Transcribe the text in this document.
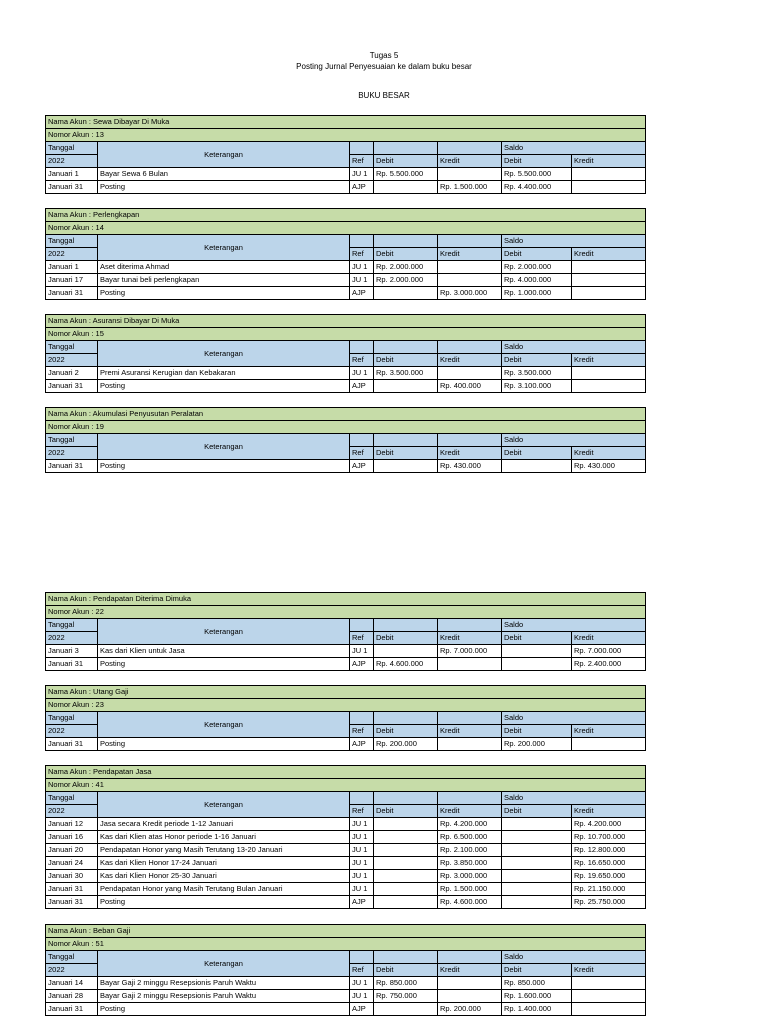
Tugas 5
Posting Jurnal Penyesuaian ke dalam buku besar
BUKU BESAR
Nama Akun : Sewa Dibayar Di Muka						
Nomor Akun : 13						
Tanggal	Keterangan				Saldo	
2022		Ref	Debit	Kredit	Debit	Kredit
Januari 1	Bayar Sewa 6 Bulan	JU 1	Rp. 5.500.000		Rp. 5.500.000	
Januari 31	Posting	AJP		Rp. 1.500.000	Rp. 4.400.000	
Nama Akun : Perlengkapan						
Nomor Akun : 14						
Tanggal	Keterangan				Saldo	
2022		Ref	Debit	Kredit	Debit	Kredit
Januari 1	Aset diterima Ahmad	JU 1	Rp. 2.000.000		Rp. 2.000.000	
Januari 17	Bayar tunai beli perlengkapan	JU 1	Rp. 2.000.000		Rp. 4.000.000	
Januari 31	Posting	AJP		Rp. 3.000.000	Rp. 1.000.000	
Nama Akun : Asuransi Dibayar Di Muka						
Nomor Akun : 15						
Tanggal	Keterangan				Saldo	
2022		Ref	Debit	Kredit	Debit	Kredit
Januari 2	Premi Asuransi Kerugian dan Kebakaran	JU 1	Rp. 3.500.000		Rp. 3.500.000	
Januari 31	Posting	AJP		Rp. 400.000	Rp. 3.100.000	
Nama Akun : Akumulasi Penyusutan Peralatan						
Nomor Akun : 19						
Tanggal	Keterangan				Saldo	
2022		Ref	Debit	Kredit	Debit	Kredit
Januari 31	Posting	AJP		Rp. 430.000		Rp. 430.000
Nama Akun : Pendapatan Diterima Dimuka						
Nomor Akun : 22						
Tanggal	Keterangan				Saldo	
2022		Ref	Debit	Kredit	Debit	Kredit
Januari 3	Kas dari Klien untuk Jasa	JU 1		Rp. 7.000.000		Rp. 7.000.000
Januari 31	Posting	AJP	Rp. 4.600.000			Rp. 2.400.000
Nama Akun : Utang Gaji						
Nomor Akun : 23						
Tanggal	Keterangan				Saldo	
2022		Ref	Debit	Kredit	Debit	Kredit
Januari 31	Posting	AJP	Rp. 200.000		Rp. 200.000	
Nama Akun : Pendapatan Jasa						
Nomor Akun : 41						
Tanggal	Keterangan				Saldo	
2022		Ref	Debit	Kredit	Debit	Kredit
Januari 12	Jasa secara Kredit periode 1-12 Januari	JU 1		Rp. 4.200.000		Rp. 4.200.000
Januari 16	Kas dari Klien atas Honor periode 1-16 Januari	JU 1		Rp. 6.500.000		Rp. 10.700.000
Januari 20	Pendapatan Honor yang Masih Terutang 13-20 Januari	JU 1		Rp. 2.100.000		Rp. 12.800.000
Januari 24	Kas dari Klien Honor 17-24 Januari	JU 1		Rp. 3.850.000		Rp. 16.650.000
Januari 30	Kas dari Klien Honor 25-30 Januari	JU 1		Rp. 3.000.000		Rp. 19.650.000
Januari 31	Pendapatan Honor yang Masih Terutang Bulan Januari	JU 1		Rp. 1.500.000		Rp. 21.150.000
Januari 31	Posting	AJP		Rp. 4.600.000		Rp. 25.750.000
Nama Akun : Beban Gaji						
Nomor Akun : 51						
Tanggal	Keterangan				Saldo	
2022		Ref	Debit	Kredit	Debit	Kredit
Januari 14	Bayar Gaji 2 minggu Resepsionis Paruh Waktu	JU 1	Rp. 850.000		Rp. 850.000	
Januari 28	Bayar Gaji 2 minggu Resepsionis Paruh Waktu	JU 1	Rp. 750.000		Rp. 1.600.000	
Januari 31	Posting	AJP		Rp. 200.000	Rp. 1.400.000	
